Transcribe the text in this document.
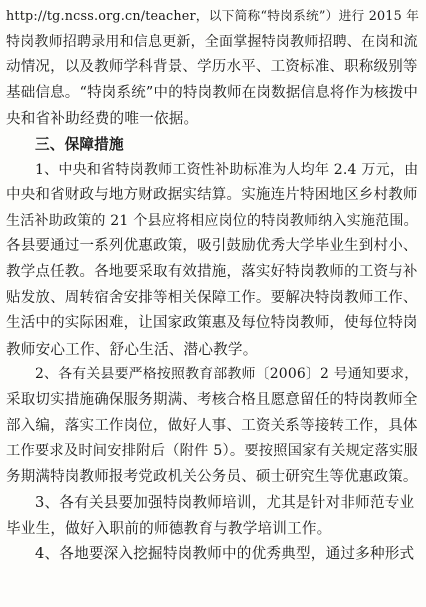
http://tg.ncss.org.cn/teacher，以下简称“特岗系统”）进行 2015 年
特岗教师招聘录用和信息更新，全面掌握特岗教师招聘、在岗和流
动情况，以及教师学科背景、学历水平、工资标准、职称级别等
基础信息。“特岗系统”中的特岗教师在岗数据信息将作为核拨中
央和省补助经费的唯一依据。
三、保障措施
1、中央和省特岗教师工资性补助标准为人均年 2.4 万元，由
中央和省财政与地方财政据实结算。实施连片特困地区乡村教师
生活补助政策的 21 个县应将相应岗位的特岗教师纳入实施范围。
各县要通过一系列优惠政策，吸引鼓励优秀大学毕业生到村小、
教学点任教。各地要采取有效措施，落实好特岗教师的工资与补
贴发放、周转宿舍安排等相关保障工作。要解决特岗教师工作、
生活中的实际困难，让国家政策惠及每位特岗教师，使每位特岗
教师安心工作、舒心生活、潜心教学。
2、各有关县要严格按照教育部教师〔2006〕2 号通知要求，
采取切实措施确保服务期满、考核合格且愿意留任的特岗教师全
部入编，落实工作岗位，做好人事、工资关系等接转工作，具体
工作要求及时间安排附后（附件 5）。要按照国家有关规定落实服
务期满特岗教师报考党政机关公务员、硕士研究生等优惠政策。
3、各有关县要加强特岗教师培训，尤其是针对非师范专业
毕业生，做好入职前的师德教育与教学培训工作。
4、各地要深入挖掘特岗教师中的优秀典型，通过多种形式
